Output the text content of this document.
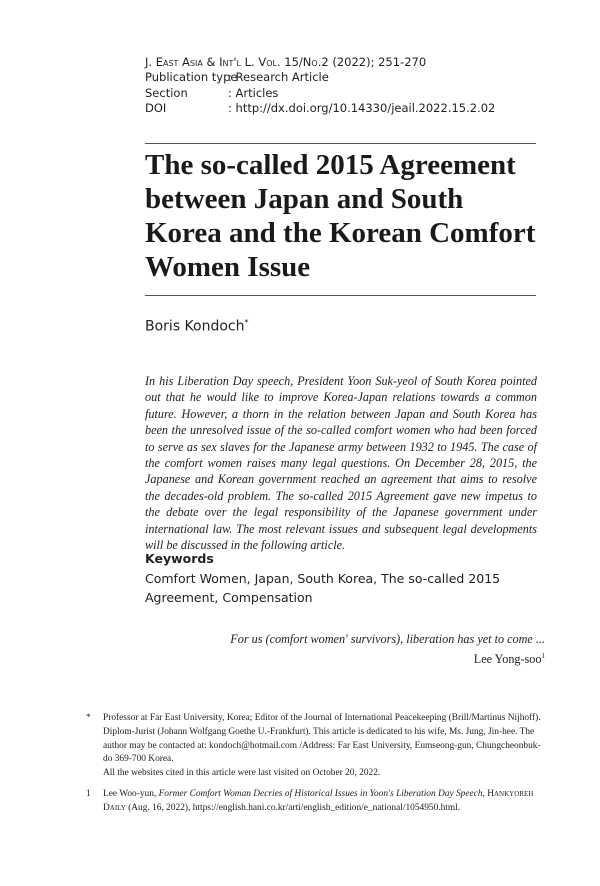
J. East Asia & Int'l L. Vol. 15/No.2 (2022); 251-270
Publication type: Research Article
Section	: Articles
DOI	: http://dx.doi.org/10.14330/jeail.2022.15.2.02
The so-called 2015 Agreement between Japan and South Korea and the Korean Comfort Women Issue
Boris Kondoch*

In his Liberation Day speech, President Yoon Suk-yeol of South Korea pointed out that he would like to improve Korea-Japan relations towards a common future. However, a thorn in the relation between Japan and South Korea has been the unresolved issue of the so-called comfort women who had been forced to serve as sex slaves for the Japanese army between 1932 to 1945. The case of the comfort women raises many legal questions. On December 28, 2015, the Japanese and Korean government reached an agreement that aims to resolve the decades-old problem. The so-called 2015 Agreement gave new impetus to the debate over the legal responsibility of the Japanese government under international law. The most relevant issues and subsequent legal developments will be discussed in the following article.

Keywords

Comfort Women, Japan, South Korea, The so-called 2015 Agreement, Compensation

For us (comfort women' survivors), liberation has yet to come ...
Lee Yong-soo$^1$
* Professor at Far East University, Korea; Editor of the Journal of International Peacekeeping (Brill/Martinus Nijhoff). Diplom-Jurist (Johann Wolfgang Goethe U.-Frankfurt). This article is dedicated to his wife, Ms. Jung, Jin-hee. The author may be contacted at: kondoch@hotmail.com /Address: Far East University, Eumseong-gun, Chungcheonbuk-do 369-700 Korea.

All the websites cited in this article were last visited on October 20, 2022.

1 Lee Woo-yun, Former Comfort Woman Decries of Historical Issues in Yoon's Liberation Day Speech, Hankyoreh Daily (Aug. 16, 2022), https://english.hani.co.kr/arti/english_edition/e_national/1054950.html.
